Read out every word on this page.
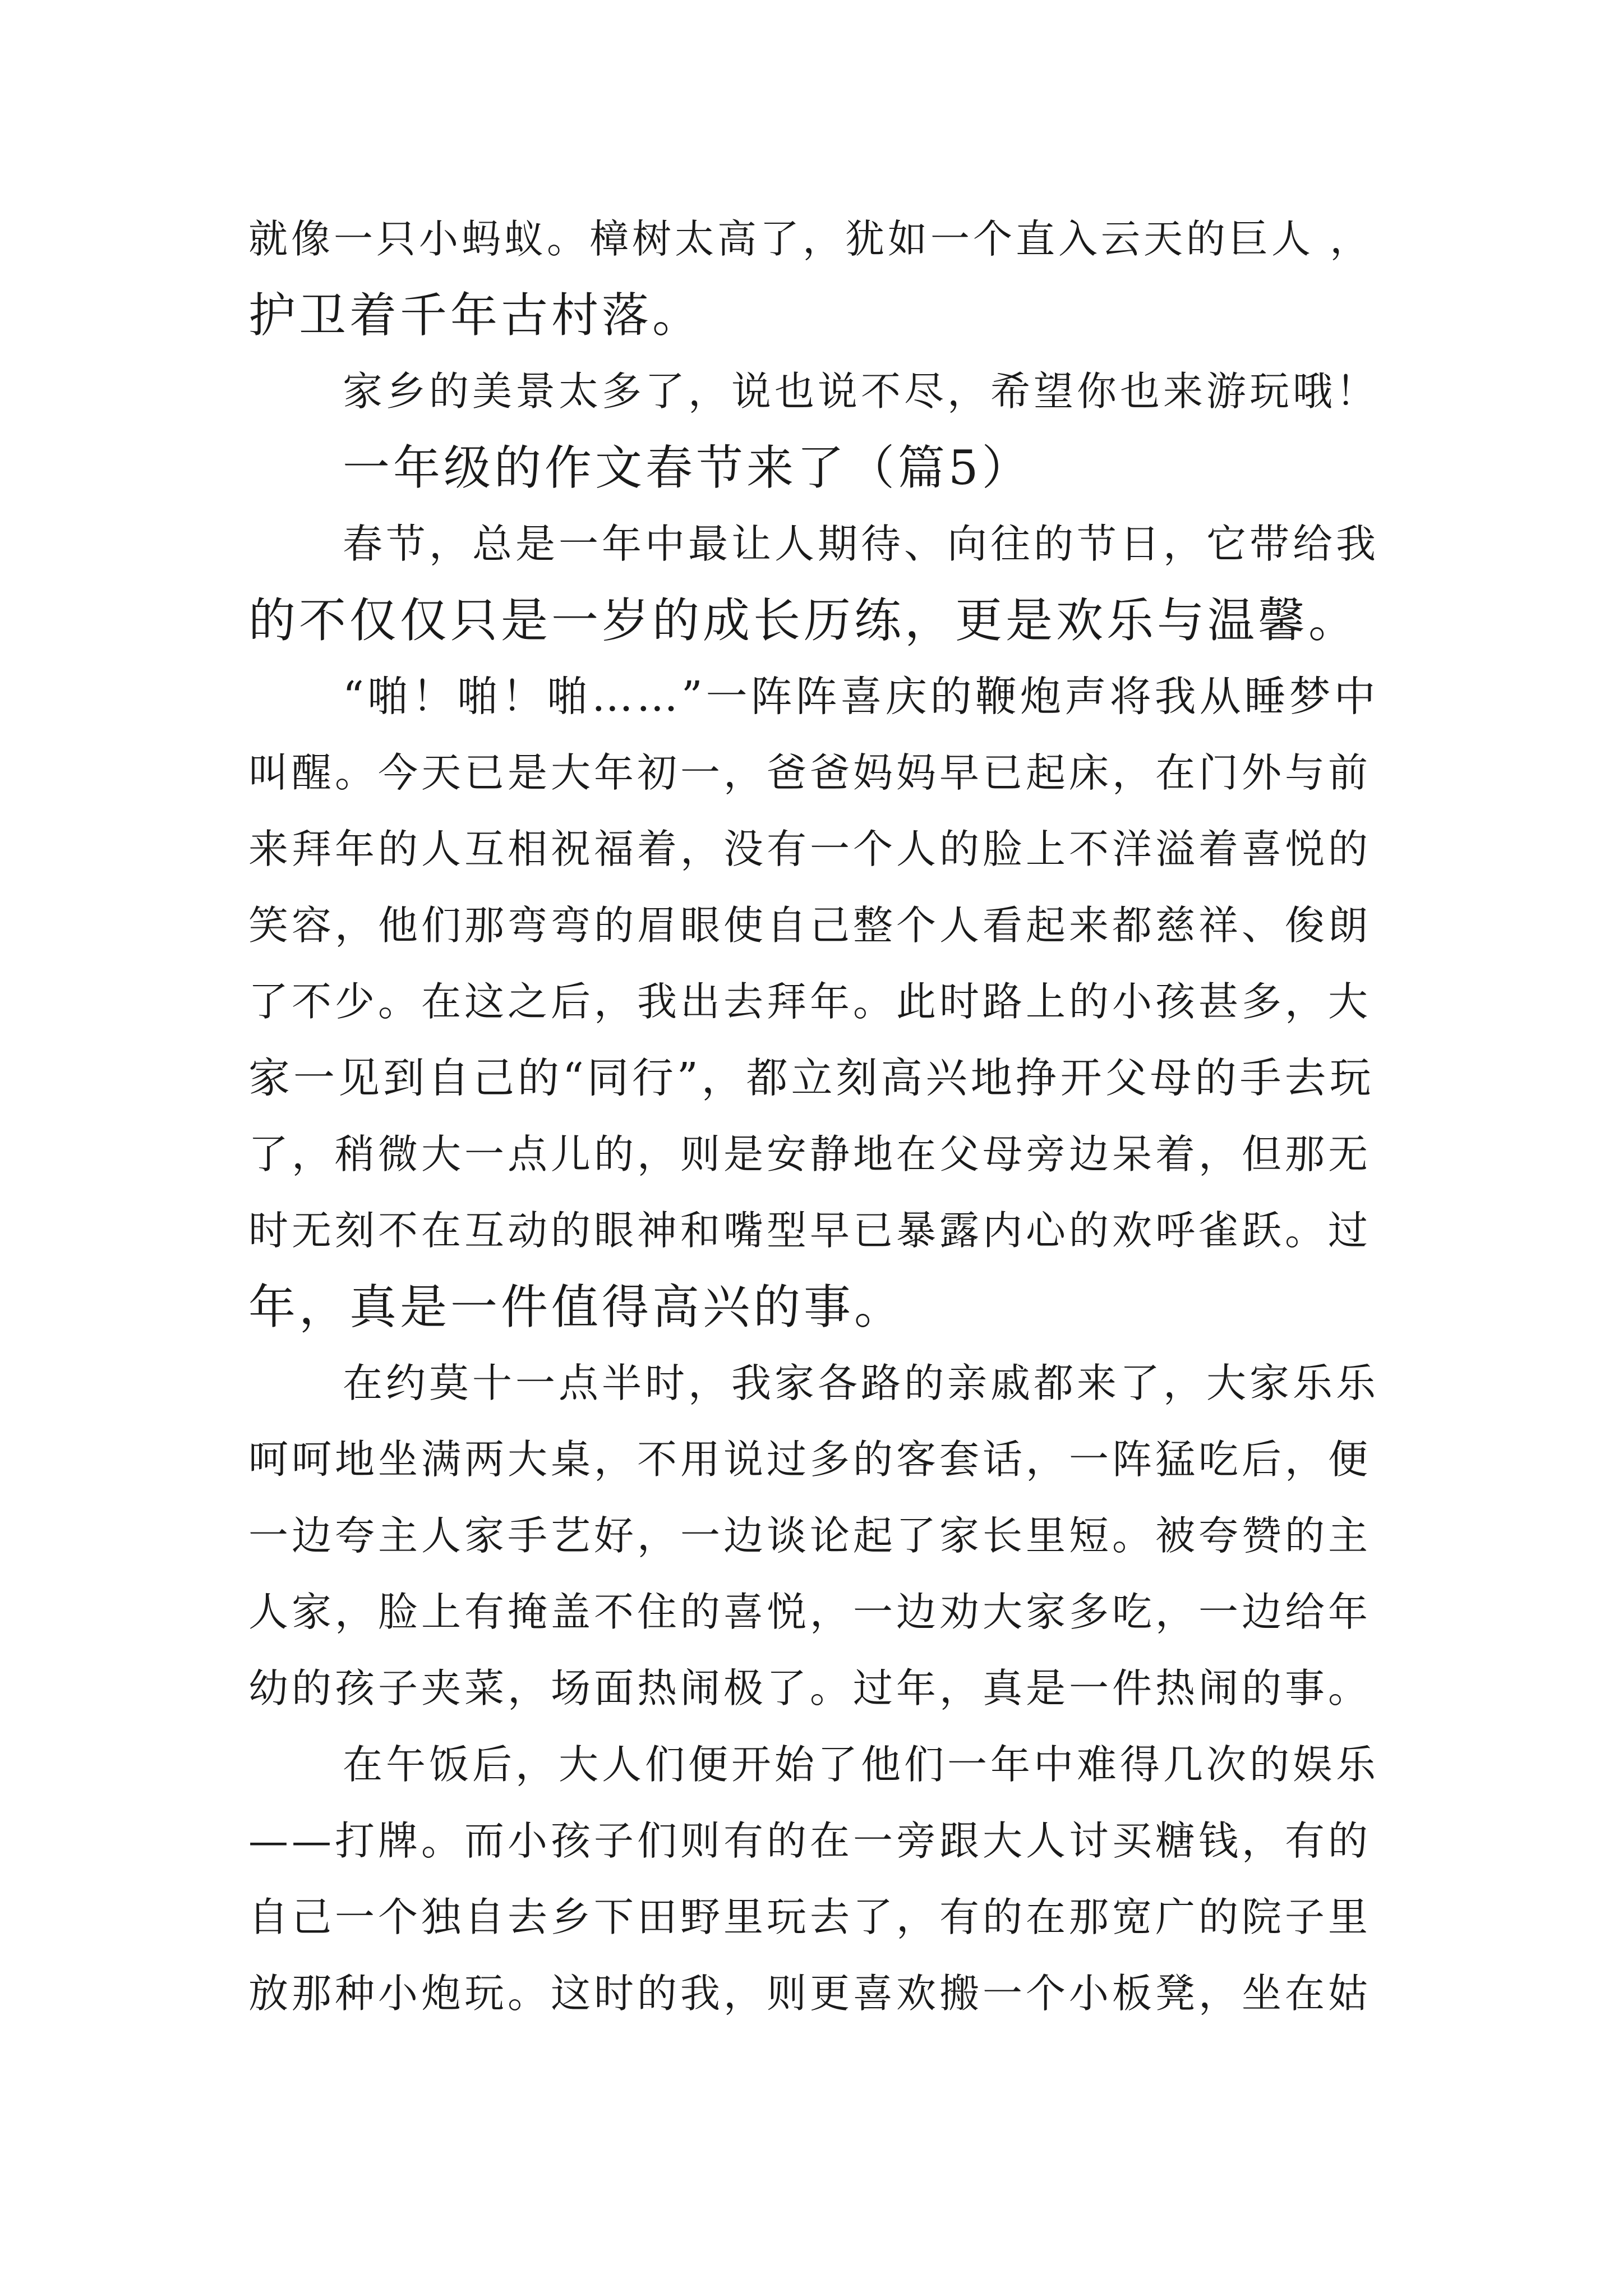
就像一只小蚂蚁。樟树太高了，犹如一个直入云天的巨人 ，
护卫着千年古村落。
家乡的美景太多了，说也说不尽，希望你也来游玩哦！
一年级的作文春节来了（篇5）
春节，总是一年中最让人期待、向往的节日，它带给我
的不仅仅只是一岁的成长历练，更是欢乐与温馨。
“啪！啪！啪……”一阵阵喜庆的鞭炮声将我从睡梦中
叫醒。今天已是大年初一，爸爸妈妈早已起床，在门外与前
来拜年的人互相祝福着，没有一个人的脸上不洋溢着喜悦的
笑容，他们那弯弯的眉眼使自己整个人看起来都慈祥、俊朗
了不少。在这之后，我出去拜年。此时路上的小孩甚多，大
家一见到自己的“同行”，都立刻高兴地挣开父母的手去玩
了，稍微大一点儿的，则是安静地在父母旁边呆着，但那无
时无刻不在互动的眼神和嘴型早已暴露内心的欢呼雀跃。过
年，真是一件值得高兴的事。
在约莫十一点半时，我家各路的亲戚都来了，大家乐乐
呵呵地坐满两大桌，不用说过多的客套话，一阵猛吃后，便
一边夸主人家手艺好，一边谈论起了家长里短。被夸赞的主
人家，脸上有掩盖不住的喜悦，一边劝大家多吃，一边给年
幼的孩子夹菜，场面热闹极了。过年，真是一件热闹的事。
在午饭后，大人们便开始了他们一年中难得几次的娱乐
——打牌。而小孩子们则有的在一旁跟大人讨买糖钱，有的
自己一个独自去乡下田野里玩去了，有的在那宽广的院子里
放那种小炮玩。这时的我，则更喜欢搬一个小板凳，坐在姑
